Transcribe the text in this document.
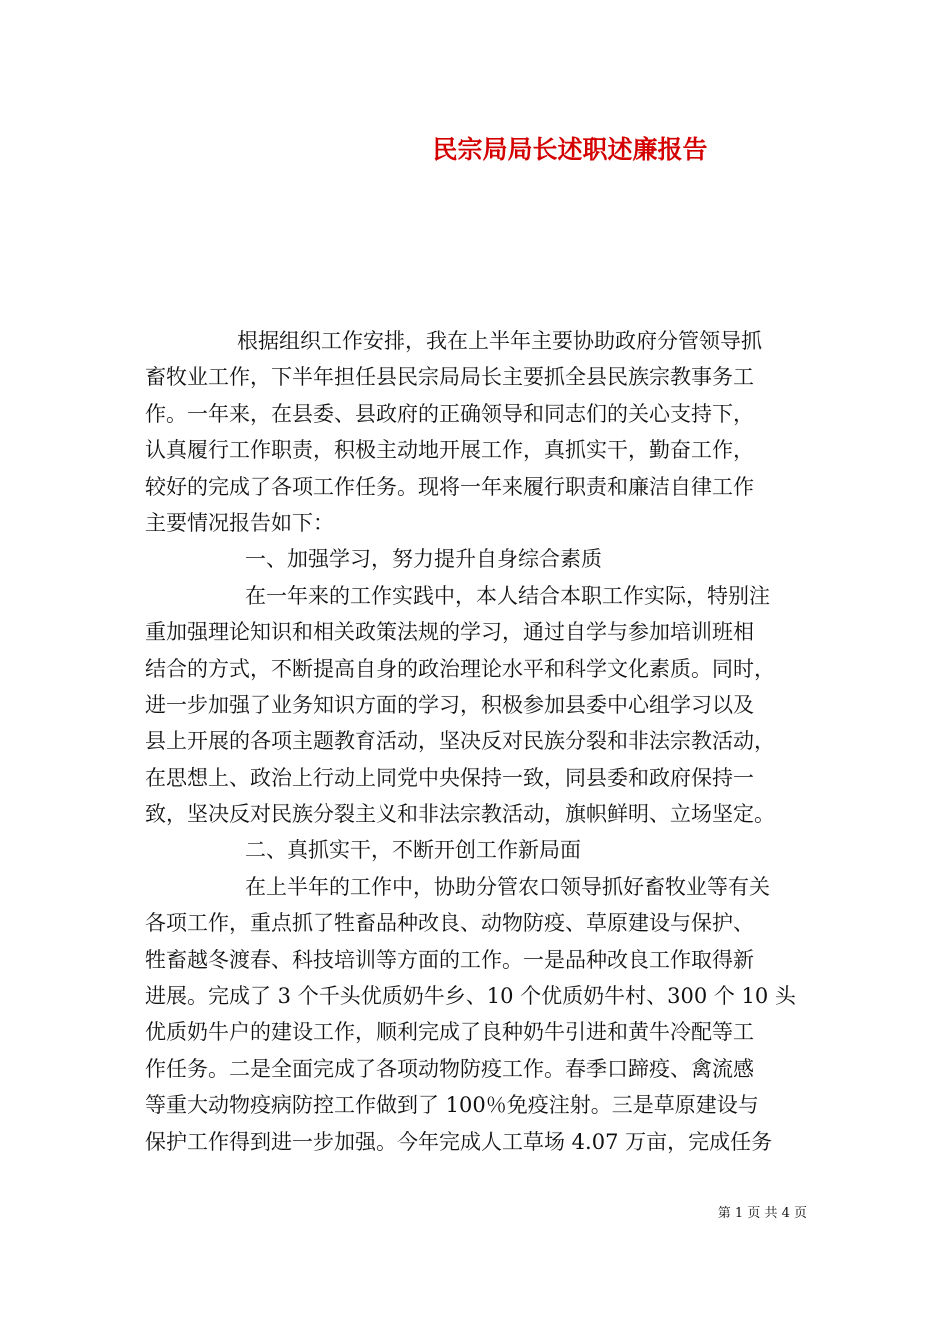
民宗局局长述职述廉报告
根据组织工作安排，我在上半年主要协助政府分管领导抓
畜牧业工作，下半年担任县民宗局局长主要抓全县民族宗教事务工
作。一年来，在县委、县政府的正确领导和同志们的关心支持下，
认真履行工作职责，积极主动地开展工作，真抓实干，勤奋工作，
较好的完成了各项工作任务。现将一年来履行职责和廉洁自律工作
主要情况报告如下：
一、加强学习，努力提升自身综合素质
在一年来的工作实践中，本人结合本职工作实际，特别注
重加强理论知识和相关政策法规的学习，通过自学与参加培训班相
结合的方式，不断提高自身的政治理论水平和科学文化素质。同时，
进一步加强了业务知识方面的学习，积极参加县委中心组学习以及
县上开展的各项主题教育活动，坚决反对民族分裂和非法宗教活动，
在思想上、政治上行动上同党中央保持一致，同县委和政府保持一
致，坚决反对民族分裂主义和非法宗教活动，旗帜鲜明、立场坚定。
二、真抓实干，不断开创工作新局面
在上半年的工作中，协助分管农口领导抓好畜牧业等有关
各项工作，重点抓了牲畜品种改良、动物防疫、草原建设与保护、
牲畜越冬渡春、科技培训等方面的工作。一是品种改良工作取得新
进展。完成了 3 个千头优质奶牛乡、10 个优质奶牛村、300 个 10 头
优质奶牛户的建设工作，顺利完成了良种奶牛引进和黄牛冷配等工
作任务。二是全面完成了各项动物防疫工作。春季口蹄疫、禽流感
等重大动物疫病防控工作做到了 100％免疫注射。三是草原建设与
保护工作得到进一步加强。今年完成人工草场 4.07 万亩，完成任务
第 1 页 共 4 页
